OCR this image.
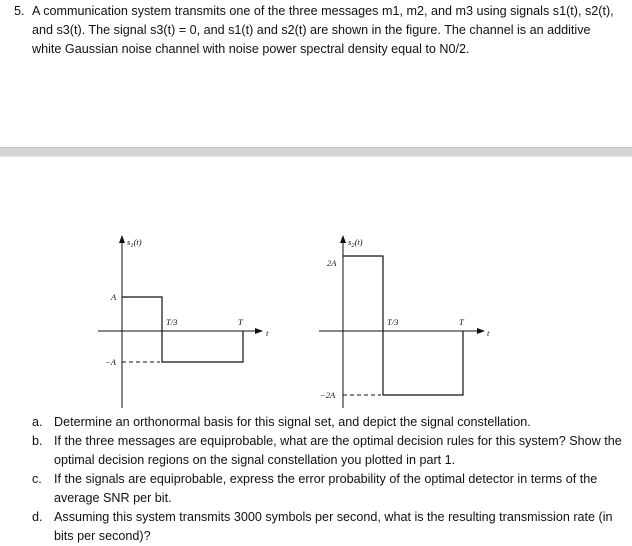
5. A communication system transmits one of the three messages m1, m2, and m3 using signals s1(t), s2(t), and s3(t). The signal s3(t) = 0, and s1(t) and s2(t) are shown in the figure. The channel is an additive white Gaussian noise channel with noise power spectral density equal to N0/2.
$s_1(t)$
A
−A
T/3	T
t
$s_2(t)$
2A
−2A
T/3	T
t
a. Determine an orthonormal basis for this signal set, and depict the signal constellation.
b. If the three messages are equiprobable, what are the optimal decision rules for this system? Show the optimal decision regions on the signal constellation you plotted in part 1.
c. If the signals are equiprobable, express the error probability of the optimal detector in terms of the average SNR per bit.
d. Assuming this system transmits 3000 symbols per second, what is the resulting transmission rate (in bits per second)?
